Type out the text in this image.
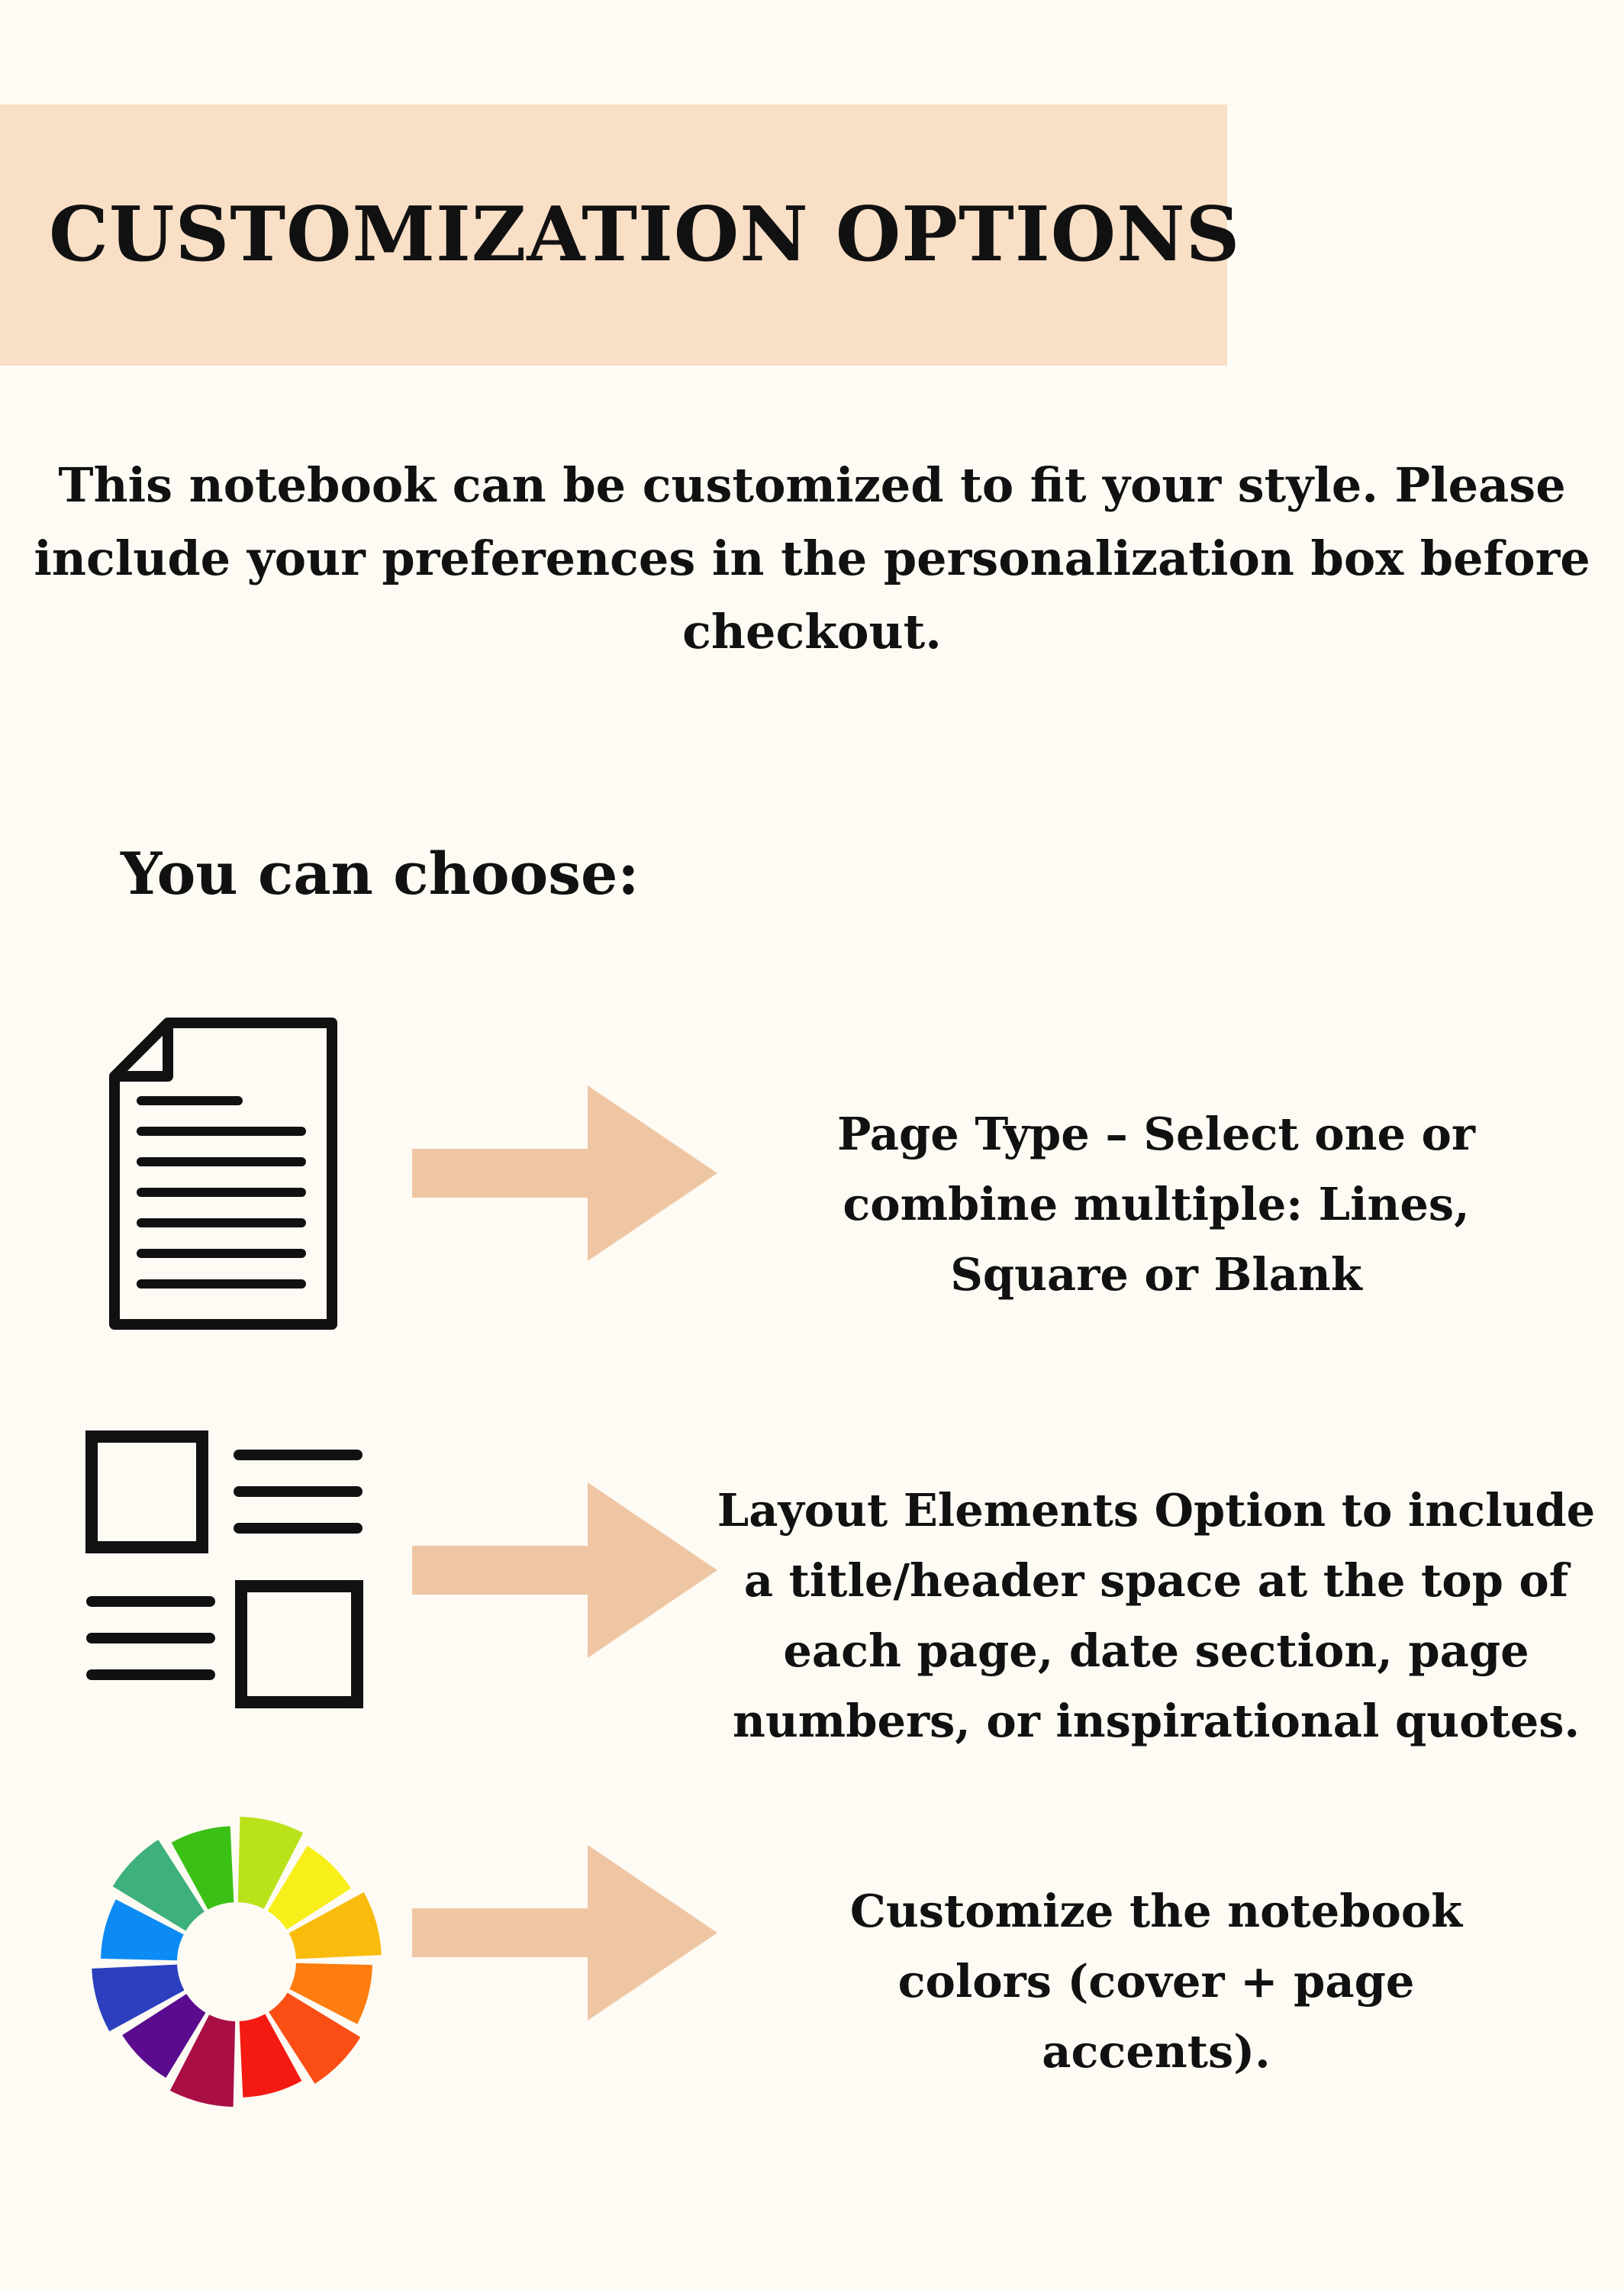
CUSTOMIZATION OPTIONS

This notebook can be customized to fit your style. Please include your preferences in the personalization box before checkout.

You can choose:

Page Type – Select one or combine multiple: Lines, Square or Blank

Layout Elements Option to include a title/header space at the top of each page, date section, page numbers, or inspirational quotes.

Customize the notebook colors (cover + page accents).
